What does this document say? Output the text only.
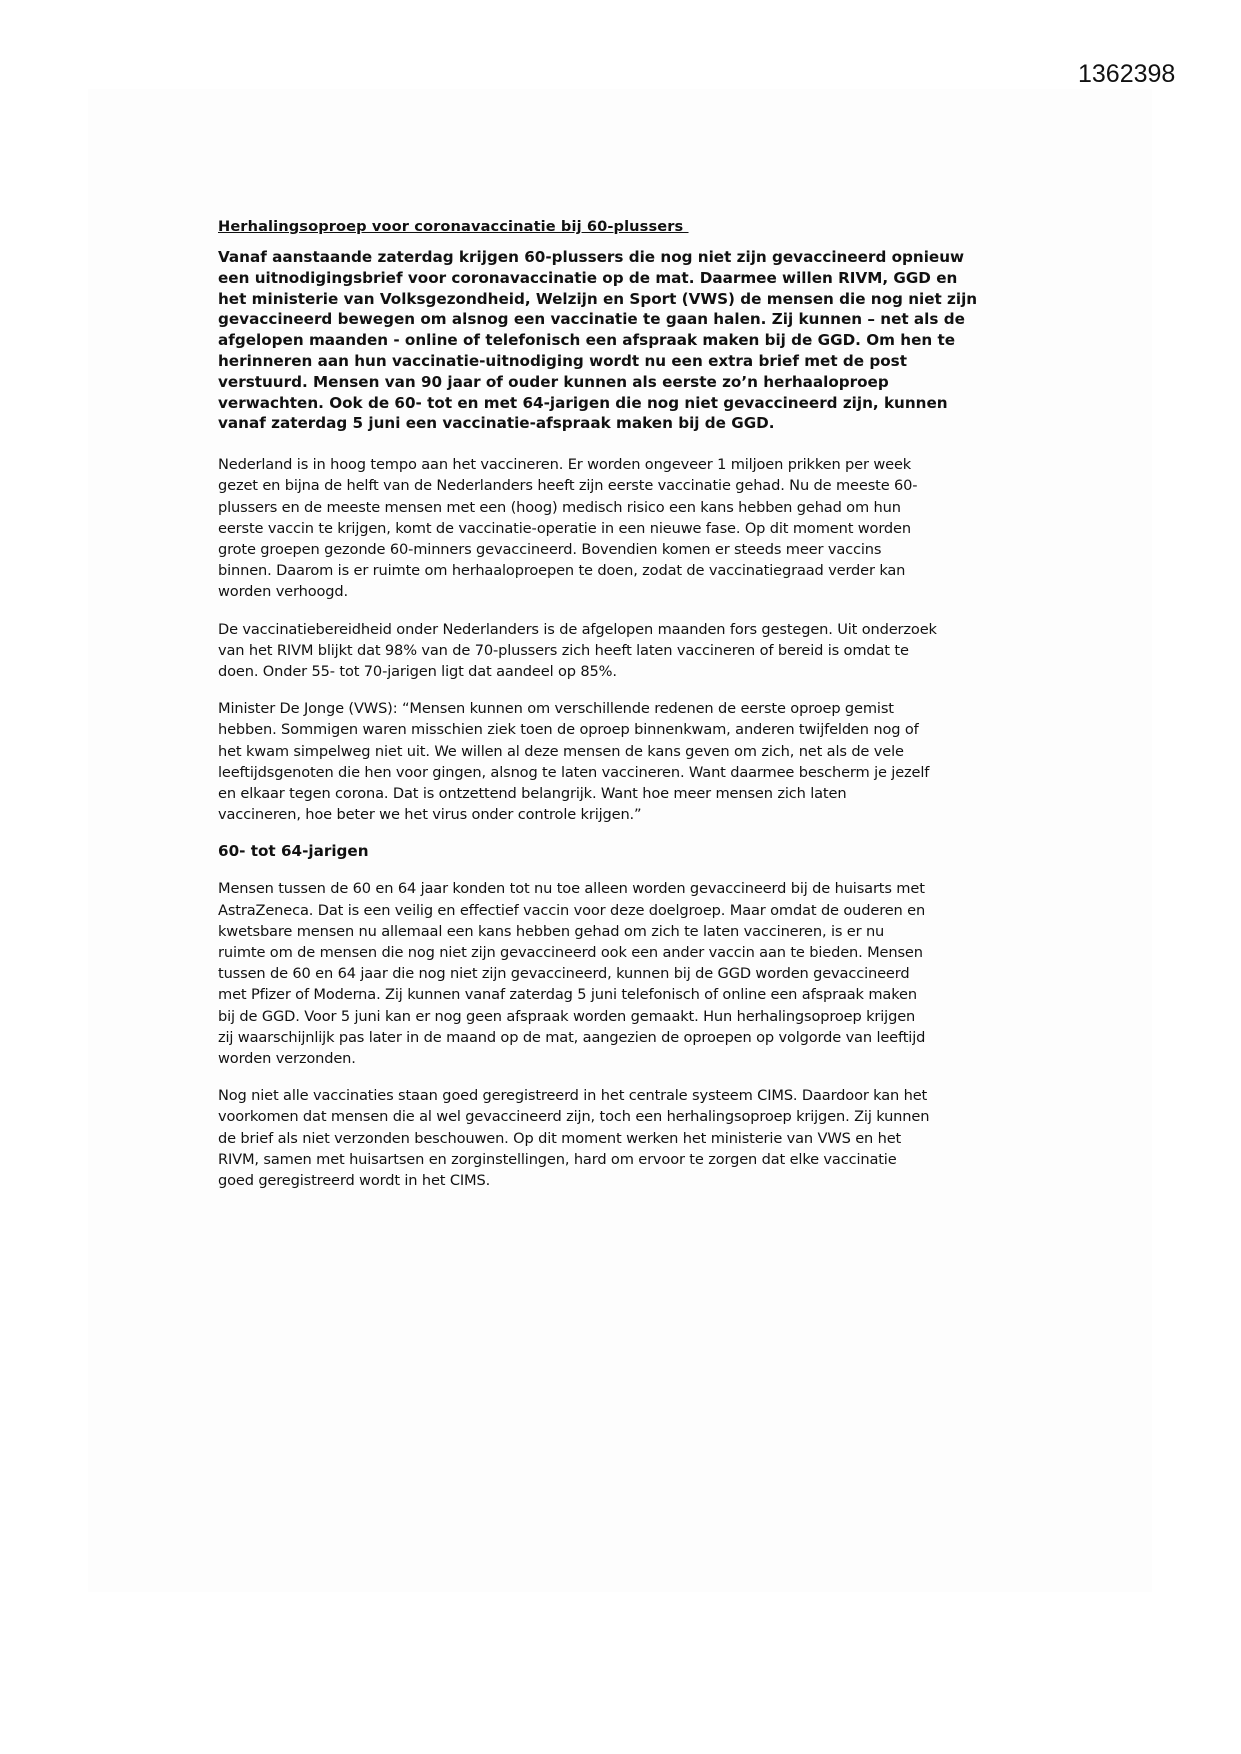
1362398
Herhalingsoproep voor coronavaccinatie bij 60-plussers
Vanaf aanstaande zaterdag krijgen 60-plussers die nog niet zijn gevaccineerd opnieuw
een uitnodigingsbrief voor coronavaccinatie op de mat. Daarmee willen RIVM, GGD en
het ministerie van Volksgezondheid, Welzijn en Sport (VWS) de mensen die nog niet zijn
gevaccineerd bewegen om alsnog een vaccinatie te gaan halen. Zij kunnen – net als de
afgelopen maanden - online of telefonisch een afspraak maken bij de GGD. Om hen te
herinneren aan hun vaccinatie-uitnodiging wordt nu een extra brief met de post
verstuurd. Mensen van 90 jaar of ouder kunnen als eerste zo’n herhaaloproep
verwachten. Ook de 60- tot en met 64-jarigen die nog niet gevaccineerd zijn, kunnen
vanaf zaterdag 5 juni een vaccinatie-afspraak maken bij de GGD.
Nederland is in hoog tempo aan het vaccineren. Er worden ongeveer 1 miljoen prikken per week
gezet en bijna de helft van de Nederlanders heeft zijn eerste vaccinatie gehad. Nu de meeste 60-
plussers en de meeste mensen met een (hoog) medisch risico een kans hebben gehad om hun
eerste vaccin te krijgen, komt de vaccinatie-operatie in een nieuwe fase. Op dit moment worden
grote groepen gezonde 60-minners gevaccineerd. Bovendien komen er steeds meer vaccins
binnen. Daarom is er ruimte om herhaaloproepen te doen, zodat de vaccinatiegraad verder kan
worden verhoogd.
De vaccinatiebereidheid onder Nederlanders is de afgelopen maanden fors gestegen. Uit onderzoek
van het RIVM blijkt dat 98% van de 70-plussers zich heeft laten vaccineren of bereid is omdat te
doen. Onder 55- tot 70-jarigen ligt dat aandeel op 85%.
Minister De Jonge (VWS): “Mensen kunnen om verschillende redenen de eerste oproep gemist
hebben. Sommigen waren misschien ziek toen de oproep binnenkwam, anderen twijfelden nog of
het kwam simpelweg niet uit. We willen al deze mensen de kans geven om zich, net als de vele
leeftijdsgenoten die hen voor gingen, alsnog te laten vaccineren. Want daarmee bescherm je jezelf
en elkaar tegen corona. Dat is ontzettend belangrijk. Want hoe meer mensen zich laten
vaccineren, hoe beter we het virus onder controle krijgen.”
60- tot 64-jarigen
Mensen tussen de 60 en 64 jaar konden tot nu toe alleen worden gevaccineerd bij de huisarts met
AstraZeneca. Dat is een veilig en effectief vaccin voor deze doelgroep. Maar omdat de ouderen en
kwetsbare mensen nu allemaal een kans hebben gehad om zich te laten vaccineren, is er nu
ruimte om de mensen die nog niet zijn gevaccineerd ook een ander vaccin aan te bieden. Mensen
tussen de 60 en 64 jaar die nog niet zijn gevaccineerd, kunnen bij de GGD worden gevaccineerd
met Pfizer of Moderna. Zij kunnen vanaf zaterdag 5 juni telefonisch of online een afspraak maken
bij de GGD. Voor 5 juni kan er nog geen afspraak worden gemaakt. Hun herhalingsoproep krijgen
zij waarschijnlijk pas later in de maand op de mat, aangezien de oproepen op volgorde van leeftijd
worden verzonden.
Nog niet alle vaccinaties staan goed geregistreerd in het centrale systeem CIMS. Daardoor kan het
voorkomen dat mensen die al wel gevaccineerd zijn, toch een herhalingsoproep krijgen. Zij kunnen
de brief als niet verzonden beschouwen. Op dit moment werken het ministerie van VWS en het
RIVM, samen met huisartsen en zorginstellingen, hard om ervoor te zorgen dat elke vaccinatie
goed geregistreerd wordt in het CIMS.
